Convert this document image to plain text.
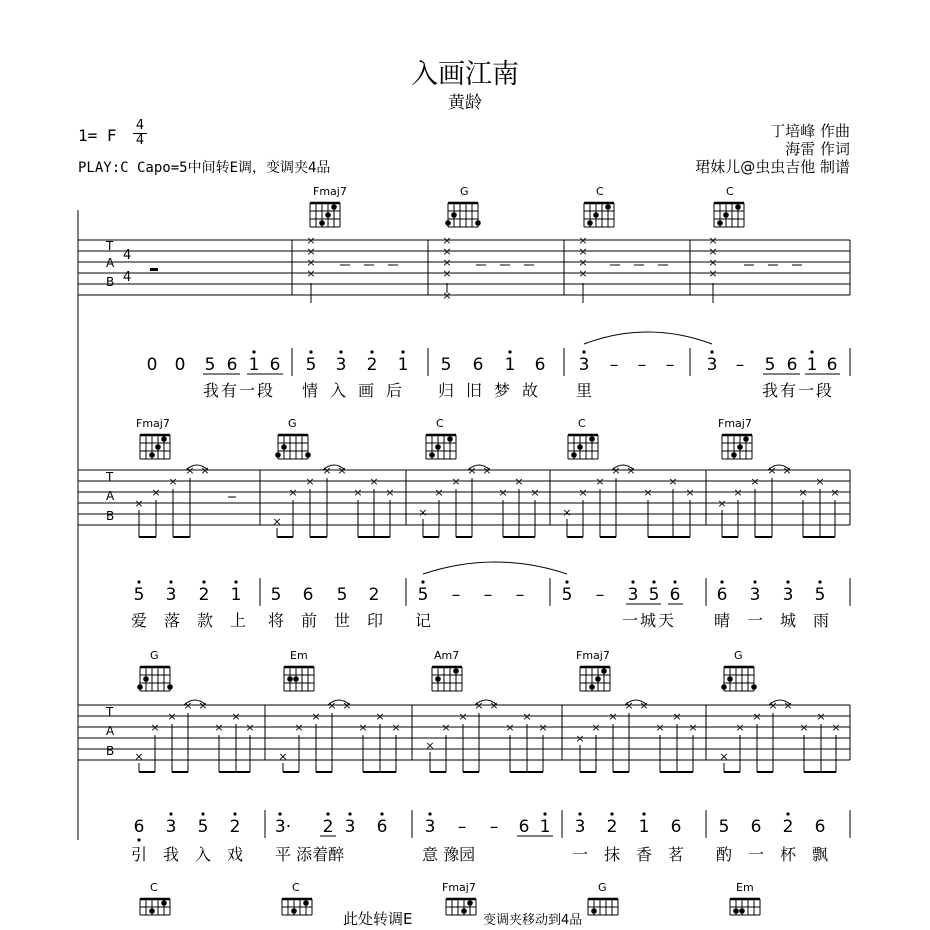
入画江南
黄龄
1= F
4
4
PLAY:C Capo=5中间转E调，变调夹4品
丁培峰 作曲
海雷 作词
珺妹儿@虫虫吉他 制谱
Fmaj7	G	C	C
T
A
B
4
4
×
×
×
×
×
×
×
×
×
×
×
×
×
×
×
×
×
0 0 5 6 1 6 5 3 2 1 5 6 1 6 3 – – – 3 – 5 6 1 6
我有一段 情入画后 归旧梦故 里	我有一段
Fmaj7	G	C	C	Fmaj7
T
A
B
×
×
×
× ×
×
×
×
× ×
×
×
×
×
×
×
× ×
×
×
×
×
×
×
× ×
×
×
×
×
×
×
× ×
×
×
×
5 3 2 1 5 6 5 2 5 – – – 5 – 3 5 6 6 3 3 5
爱落款上 将前世印 记	一城天 晴一城雨
G	Em	Am7	Fmaj7	G
T
A
B ×
×
×
× ×
×
×
×
×
×
×
× ×
×
×
×
×
×
×
× ×
×
×
×
×
×
×
× ×
×
×
×
×
×
×
× ×
×
×
×
6 3 5 2 3· 2 3 6 3 – – 6 1 3 2 1 6 5 6 2 6
引我入戏 平 添着醉	意 豫园	一抹香茗 酌一杯飘
C	C
此处转调E
Fmaj7
变调夹移动到4品
G	Em
